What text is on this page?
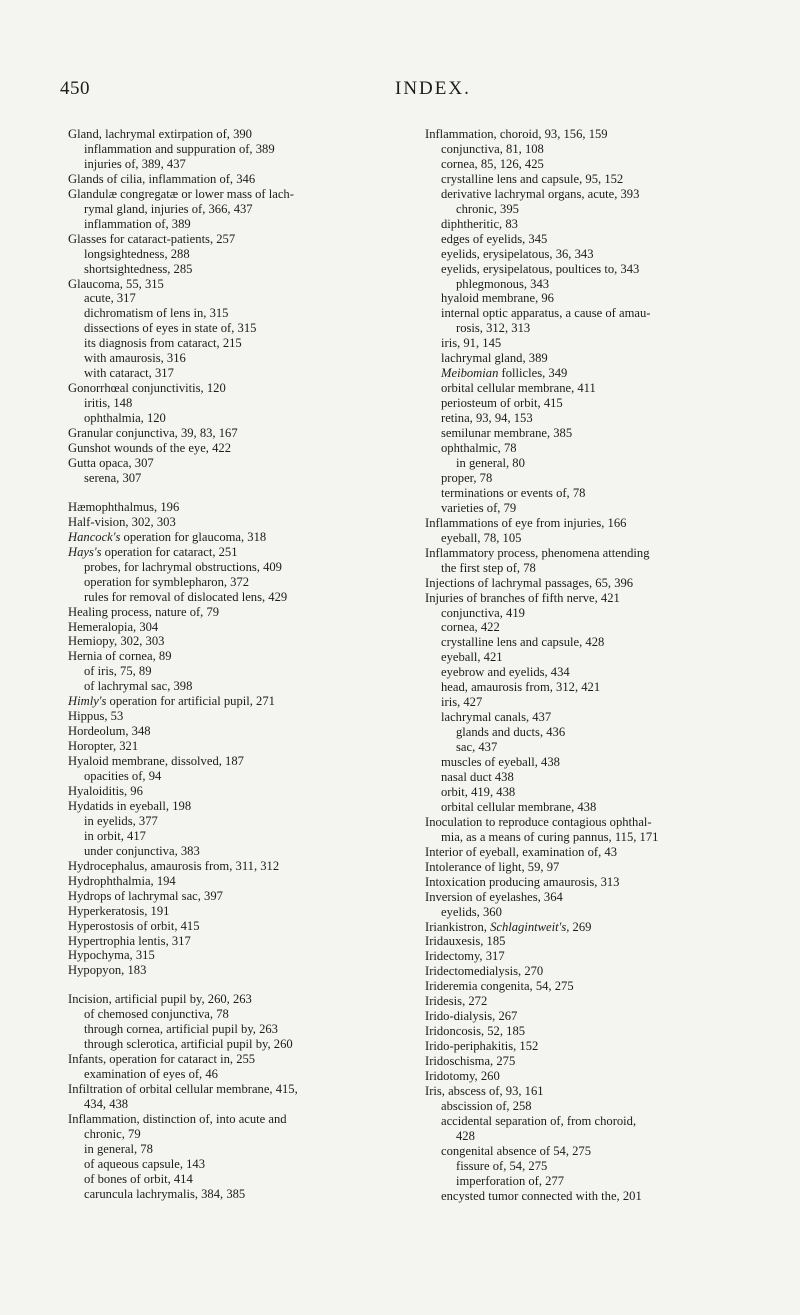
450	INDEX.
Gland, lachrymal extirpation of, 390
inflammation and suppuration of, 389
injuries of, 389, 437
Glands of cilia, inflammation of, 346
Glandulæ congregatæ or lower mass of lach-
rymal gland, injuries of, 366, 437
inflammation of, 389
Glasses for cataract-patients, 257
longsightedness, 288
shortsightedness, 285
Glaucoma, 55, 315
acute, 317
dichromatism of lens in, 315
dissections of eyes in state of, 315
its diagnosis from cataract, 215
with amaurosis, 316
with cataract, 317
Gonorrhœal conjunctivitis, 120
iritis, 148
ophthalmia, 120
Granular conjunctiva, 39, 83, 167
Gunshot wounds of the eye, 422
Gutta opaca, 307
serena, 307
Hæmophthalmus, 196
Half-vision, 302, 303
Hancock's operation for glaucoma, 318
Hays's operation for cataract, 251
probes, for lachrymal obstructions, 409
operation for symblepharon, 372
rules for removal of dislocated lens, 429
Healing process, nature of, 79
Hemeralopia, 304
Hemiopy, 302, 303
Hernia of cornea, 89
of iris, 75, 89
of lachrymal sac, 398
Himly's operation for artificial pupil, 271
Hippus, 53
Hordeolum, 348
Horopter, 321
Hyaloid membrane, dissolved, 187
opacities of, 94
Hyaloiditis, 96
Hydatids in eyeball, 198
in eyelids, 377
in orbit, 417
under conjunctiva, 383
Hydrocephalus, amaurosis from, 311, 312
Hydrophthalmia, 194
Hydrops of lachrymal sac, 397
Hyperkeratosis, 191
Hyperostosis of orbit, 415
Hypertrophia lentis, 317
Hypochyma, 315
Hypopyon, 183
Incision, artificial pupil by, 260, 263
of chemosed conjunctiva, 78
through cornea, artificial pupil by, 263
through sclerotica, artificial pupil by, 260
Infants, operation for cataract in, 255
examination of eyes of, 46
Infiltration of orbital cellular membrane, 415,
434, 438
Inflammation, distinction of, into acute and
chronic, 79
in general, 78
of aqueous capsule, 143
of bones of orbit, 414
caruncula lachrymalis, 384, 385
Inflammation, choroid, 93, 156, 159
conjunctiva, 81, 108
cornea, 85, 126, 425
crystalline lens and capsule, 95, 152
derivative lachrymal organs, acute, 393
chronic, 395
diphtheritic, 83
edges of eyelids, 345
eyelids, erysipelatous, 36, 343
eyelids, erysipelatous, poultices to, 343
phlegmonous, 343
hyaloid membrane, 96
internal optic apparatus, a cause of amau-
rosis, 312, 313
iris, 91, 145
lachrymal gland, 389
Meibomian follicles, 349
orbital cellular membrane, 411
periosteum of orbit, 415
retina, 93, 94, 153
semilunar membrane, 385
ophthalmic, 78
in general, 80
proper, 78
terminations or events of, 78
varieties of, 79
Inflammations of eye from injuries, 166
eyeball, 78, 105
Inflammatory process, phenomena attending
the first step of, 78
Injections of lachrymal passages, 65, 396
Injuries of branches of fifth nerve, 421
conjunctiva, 419
cornea, 422
crystalline lens and capsule, 428
eyeball, 421
eyebrow and eyelids, 434
head, amaurosis from, 312, 421
iris, 427
lachrymal canals, 437
glands and ducts, 436
sac, 437
muscles of eyeball, 438
nasal duct 438
orbit, 419, 438
orbital cellular membrane, 438
Inoculation to reproduce contagious ophthal-
mia, as a means of curing pannus, 115, 171
Interior of eyeball, examination of, 43
Intolerance of light, 59, 97
Intoxication producing amaurosis, 313
Inversion of eyelashes, 364
eyelids, 360
Iriankistron, Schlagintweit's, 269
Iridauxesis, 185
Iridectomy, 317
Iridectomedialysis, 270
Irideremia congenita, 54, 275
Iridesis, 272
Irido-dialysis, 267
Iridoncosis, 52, 185
Irido-periphakitis, 152
Iridoschisma, 275
Iridotomy, 260
Iris, abscess of, 93, 161
abscission of, 258
accidental separation of, from choroid,
428
congenital absence of 54, 275
fissure of, 54, 275
imperforation of, 277
encysted tumor connected with the, 201
